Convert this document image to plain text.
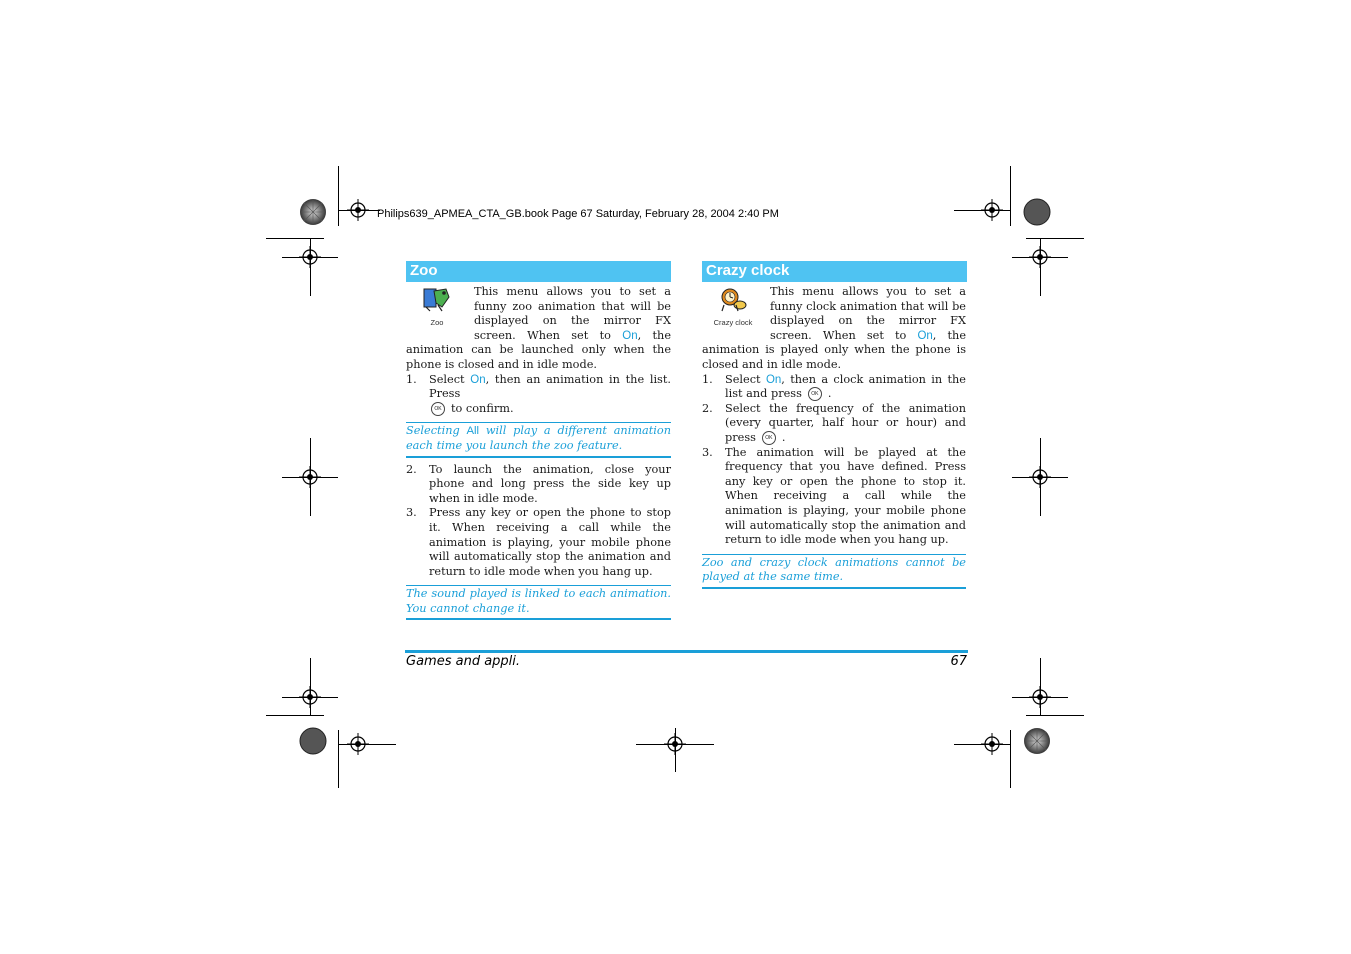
Philips639_APMEA_CTA_GB.book Page 67 Saturday, February 28, 2004 2:40 PM
Zoo

Zoo
This menu allows you to set a funny zoo animation that will be displayed on the mirror FX screen. When set to On, the animation can be launched only when the phone is closed and in idle mode.

1.	Select On, then an animation in the list. Press
OK to confirm.
Selecting All will play a different animation each time you launch the zoo feature.
2.	To launch the animation, close your phone and long press the side key up when in idle mode.
3.	Press any key or open the phone to stop it. When receiving a call while the animation is playing, your mobile phone will automatically stop the animation and return to idle mode when you hang up.
The sound played is linked to each animation. You cannot change it.
Crazy clock

Crazy clock
This menu allows you to set a funny clock animation that will be displayed on the mirror FX screen. When set to On, the animation is played only when the phone is closed and in idle mode.

1.	Select On, then a clock animation in the list and press OK .
2.	Select the frequency of the animation (every quarter, half hour or hour) and press OK .
3.	The animation will be played at the frequency that you have defined. Press any key or open the phone to stop it. When receiving a call while the animation is playing, your mobile phone will automatically stop the animation and return to idle mode when you hang up.
Zoo and crazy clock animations cannot be played at the same time.
Games and appli.	67
